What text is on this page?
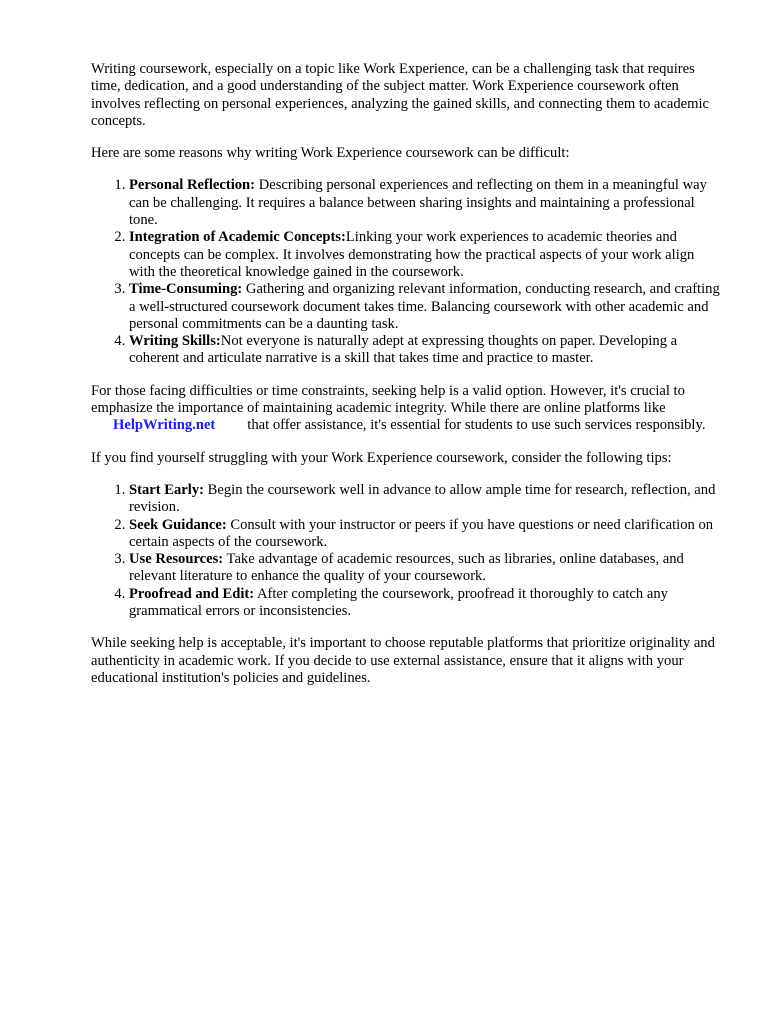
Writing coursework, especially on a topic like Work Experience, can be a challenging task that requires time, dedication, and a good understanding of the subject matter. Work Experience coursework often involves reflecting on personal experiences, analyzing the gained skills, and connecting them to academic concepts.

Here are some reasons why writing Work Experience coursework can be difficult:

1. Personal Reflection: Describing personal experiences and reflecting on them in a meaningful way can be challenging. It requires a balance between sharing insights and maintaining a professional tone.
2. Integration of Academic Concepts:Linking your work experiences to academic theories and concepts can be complex. It involves demonstrating how the practical aspects of your work align with the theoretical knowledge gained in the coursework.
3. Time-Consuming: Gathering and organizing relevant information, conducting research, and crafting a well-structured coursework document takes time. Balancing coursework with other academic and personal commitments can be a daunting task.
4. Writing Skills:Not everyone is naturally adept at expressing thoughts on paper. Developing a coherent and articulate narrative is a skill that takes time and practice to master.

For those facing difficulties or time constraints, seeking help is a valid option. However, it's crucial to emphasize the importance of maintaining academic integrity. While there are online platforms like HelpWriting.net that offer assistance, it's essential for students to use such services responsibly.

If you find yourself struggling with your Work Experience coursework, consider the following tips:

1. Start Early: Begin the coursework well in advance to allow ample time for research, reflection, and revision.
2. Seek Guidance: Consult with your instructor or peers if you have questions or need clarification on certain aspects of the coursework.
3. Use Resources: Take advantage of academic resources, such as libraries, online databases, and relevant literature to enhance the quality of your coursework.
4. Proofread and Edit: After completing the coursework, proofread it thoroughly to catch any grammatical errors or inconsistencies.

While seeking help is acceptable, it's important to choose reputable platforms that prioritize originality and authenticity in academic work. If you decide to use external assistance, ensure that it aligns with your educational institution's policies and guidelines.
